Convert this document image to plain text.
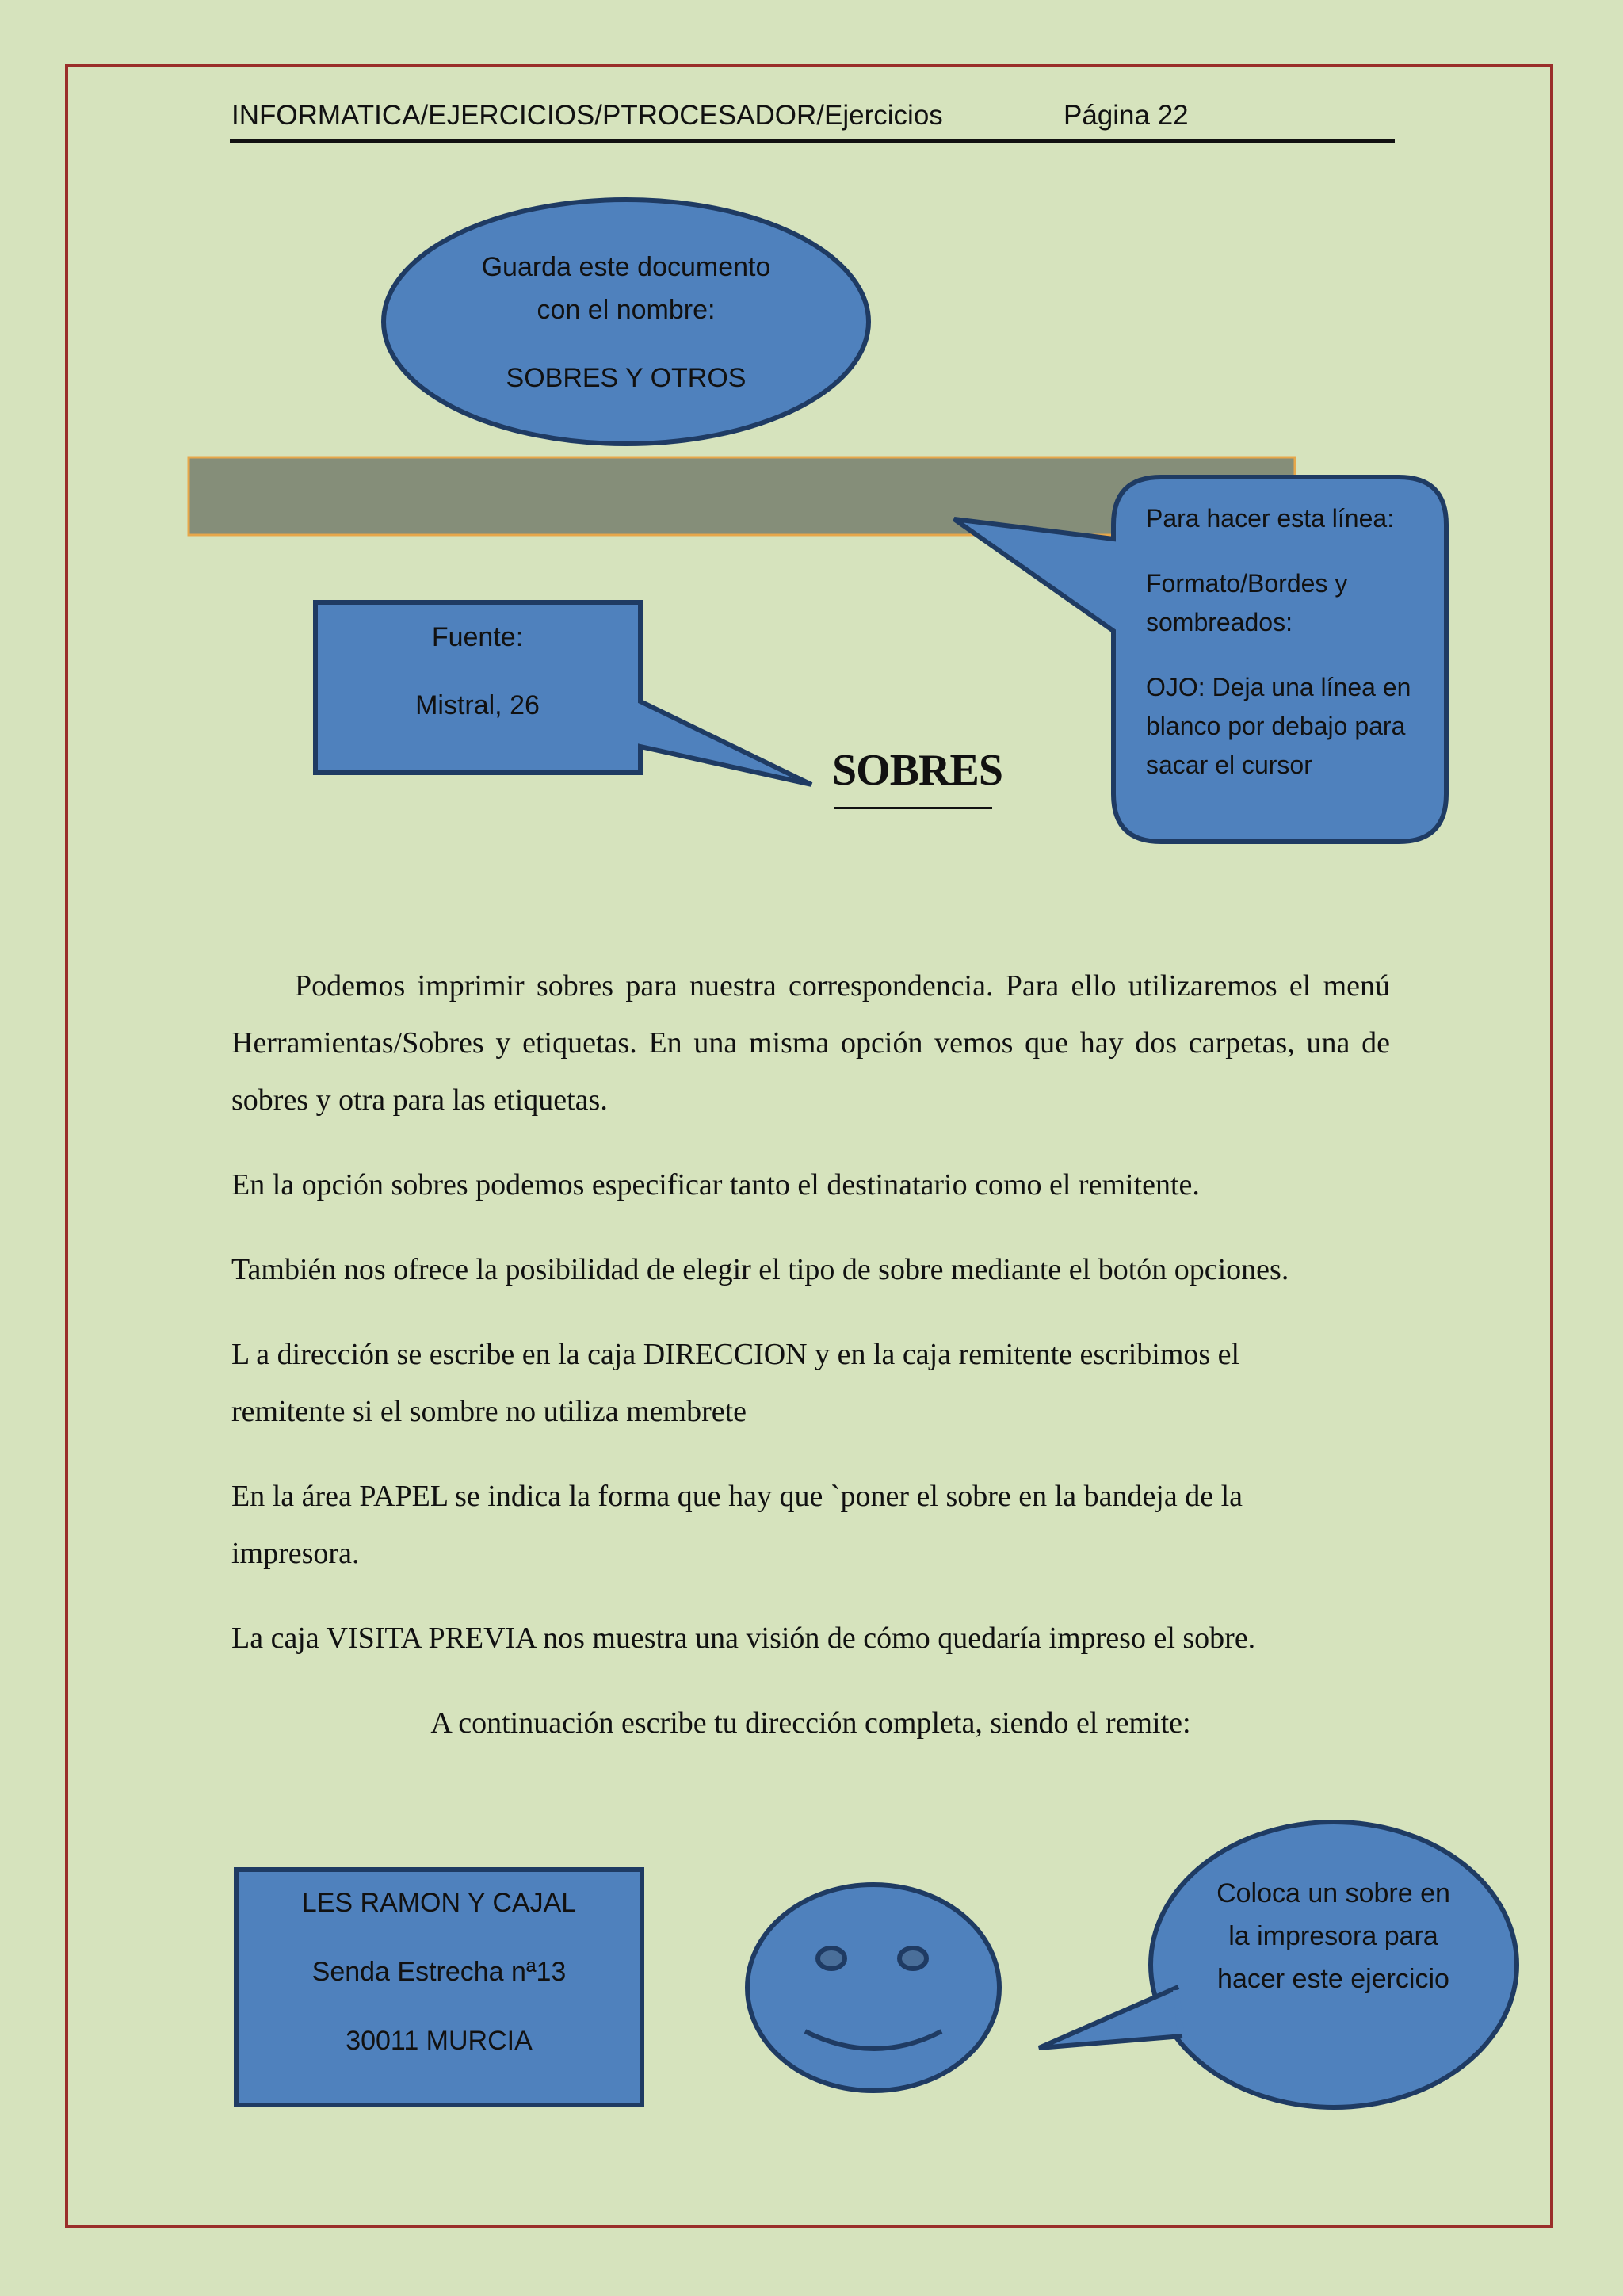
INFORMATICA/EJERCICIOS/PTROCESADOR/Ejercicios	Página 22

Guarda este documento

con el nombre:

SOBRES Y OTROS

Para hacer esta línea:

Formato/Bordes y sombreados:

OJO: Deja una línea en blanco por debajo para sacar el cursor

Fuente:

Mistral, 26

SOBRES

Podemos imprimir sobres para nuestra correspondencia. Para ello utilizaremos el menú Herramientas/Sobres y etiquetas. En una misma opción vemos que hay dos carpetas, una de sobres y otra para las etiquetas.

En la opción sobres podemos especificar tanto el destinatario como el remitente.

También nos ofrece la posibilidad de elegir el tipo de sobre mediante el botón opciones.

L a dirección se escribe en la caja DIRECCION y en la caja remitente escribimos el remitente si el sombre no utiliza membrete

En la área PAPEL se indica la forma que hay que `poner el sobre en la bandeja de la impresora.

La caja VISITA PREVIA nos muestra una visión de cómo quedaría impreso el sobre.

A continuación escribe tu dirección completa, siendo el remite:

LES RAMON Y CAJAL

Senda Estrecha nª13

30011 MURCIA

Coloca un sobre en la impresora para hacer este ejercicio
